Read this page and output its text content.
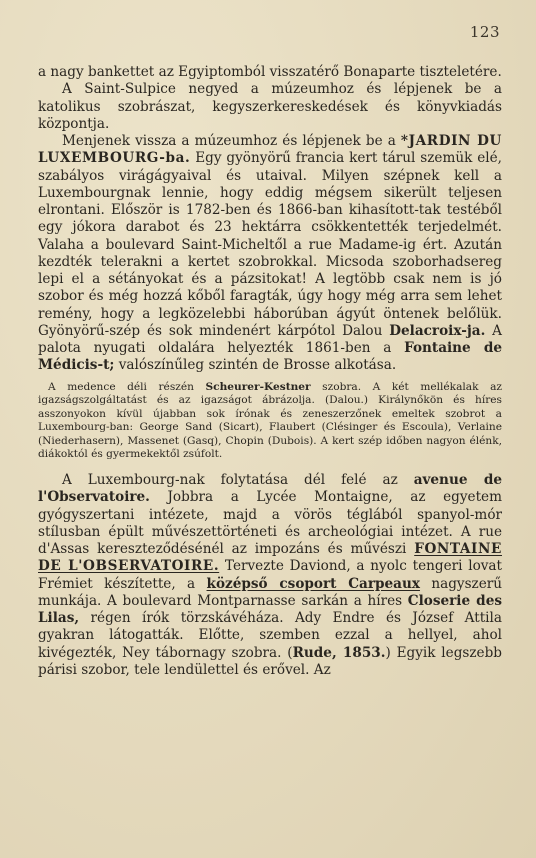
123

a nagy bankettet az Egyiptomból visszatérő Bonaparte tiszteletére.

A Saint-Sulpice negyed a múzeumhoz és lépjenek be a katolikus szobrászat, kegyszerkereskedések és könyvkiadás központja.

Menjenek vissza a múzeumhoz és lépjenek be a *JARDIN DU LUXEMBOURG-ba. Egy gyönyörű francia kert tárul szemük elé, szabályos virágágyaival és utaival. Milyen szépnek kell a Luxembourgnak lennie, hogy eddig mégsem sikerült teljesen elrontani. Először is 1782-ben és 1866-ban kihasított-tak testéből egy jókora darabot és 23 hektárra csökkentették terjedelmét. Valaha a boulevard Saint-Micheltől a rue Madame-ig ért. Azután kezdték telerakni a kertet szobrokkal. Micsoda szoborhadsereg lepi el a sétányokat és a pázsitokat! A legtöbb csak nem is jó szobor és még hozzá kőből faragták, úgy hogy még arra sem lehet remény, hogy a legközelebbi háborúban ágyút öntenek belőlük. Gyönyörű-szép és sok mindenért kárpótol Dalou Delacroix-ja. A palota nyugati oldalára helyezték 1861-ben a Fontaine de Médicis-t; valószínűleg szintén de Brosse alkotása.

A medence déli részén Scheurer-Kestner szobra. A két mellékalak az igazságszolgáltatást és az igazságot ábrázolja. (Dalou.) Királynőkön és híres asszonyokon kívül újabban sok írónak és zeneszerzőnek emeltek szobrot a Luxembourg-ban: George Sand (Sicart), Flaubert (Clésinger és Escoula), Verlaine (Niederhasern), Massenet (Gasq), Chopin (Dubois). A kert szép időben nagyon élénk, diákoktól és gyermekektől zsúfolt.

A Luxembourg-nak folytatása dél felé az avenue de l'Observatoire. Jobbra a Lycée Montaigne, az egyetem gyógyszertani intézete, majd a vörös téglából spanyol-mór stílusban épült művészettörténeti és archeológiai intézet. A rue d'Assas kereszteződésénél az impozáns és művészi FONTAINE DE L'OBSERVATOIRE. Tervezte Daviond, a nyolc tengeri lovat Frémiet készítette, a középső csoport Carpeaux nagyszerű munkája. A boulevard Montparnasse sarkán a híres Closerie des Lilas, régen írók törzskávéháza. Ady Endre és József Attila gyakran látogatták. Előtte, szemben ezzal a hellyel, ahol kivégezték, Ney tábornagy szobra. (Rude, 1853.) Egyik legszebb párisi szobor, tele lendülettel és erővel. Az
